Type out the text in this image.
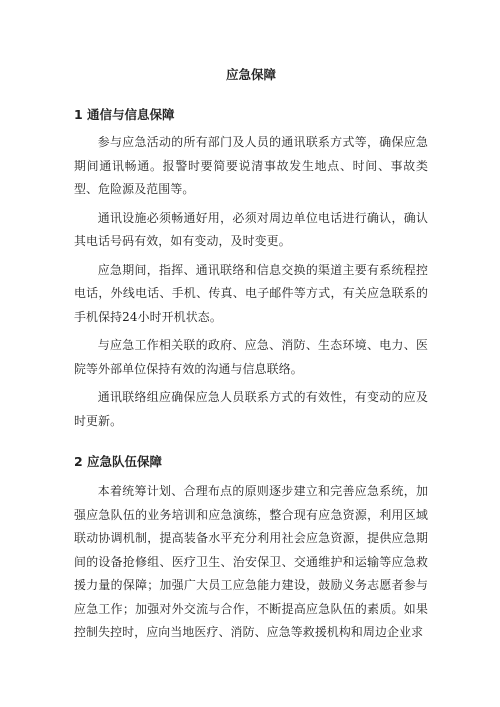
应急保障
1 通信与信息保障

参与应急活动的所有部门及人员的通讯联系方式等，确保应急期间通讯畅通。报警时要简要说清事故发生地点、时间、事故类型、危险源及范围等。

通讯设施必须畅通好用，必须对周边单位电话进行确认，确认其电话号码有效，如有变动，及时变更。

应急期间，指挥、通讯联络和信息交换的渠道主要有系统程控电话，外线电话、手机、传真、电子邮件等方式，有关应急联系的手机保持24小时开机状态。

与应急工作相关联的政府、应急、消防、生态环境、电力、医院等外部单位保持有效的沟通与信息联络。

通讯联络组应确保应急人员联系方式的有效性，有变动的应及时更新。

2 应急队伍保障

本着统筹计划、合理布点的原则逐步建立和完善应急系统，加强应急队伍的业务培训和应急演练，整合现有应急资源，利用区域联动协调机制，提高装备水平充分利用社会应急资源，提供应急期间的设备抢修组、医疗卫生、治安保卫、交通维护和运输等应急救援力量的保障；加强广大员工应急能力建设，鼓励义务志愿者参与应急工作；加强对外交流与合作，不断提高应急队伍的素质。如果控制失控时，应向当地医疗、消防、应急等救援机构和周边企业求
